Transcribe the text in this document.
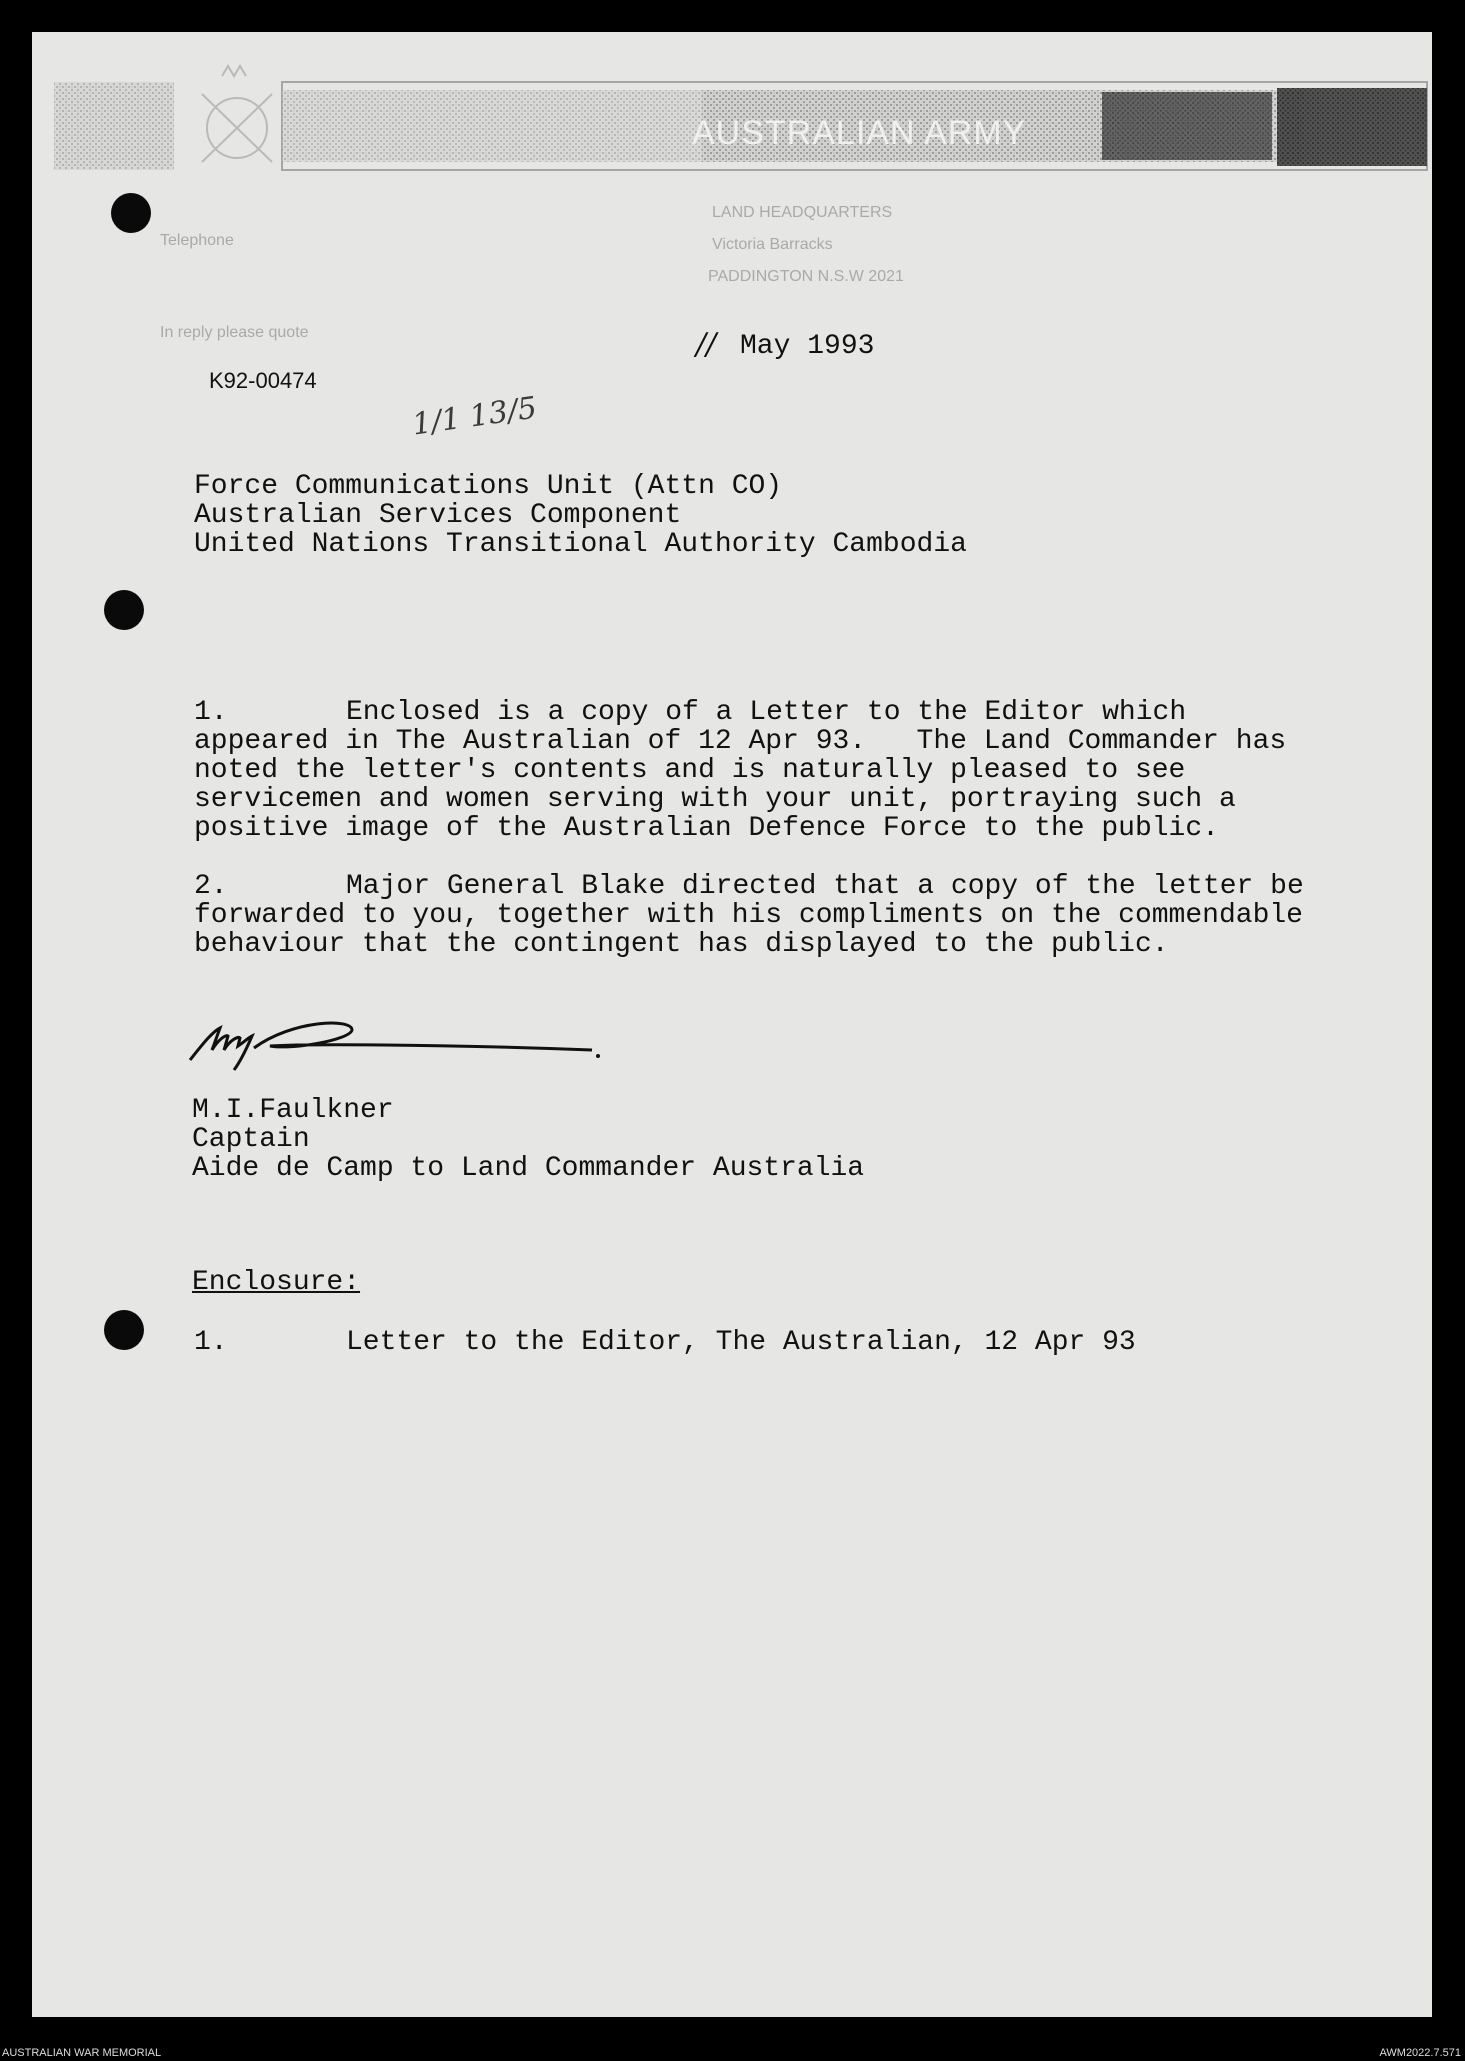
AUSTRALIAN ARMY
LAND HEADQUARTERS
Telephone	Victoria Barracks
PADDINGTON N.S.W 2021
In reply please quote	// May 1993
K92-00474
1/1 13/5
Force Communications Unit (Attn CO)
Australian Services Component
United Nations Transitional Authority Cambodia
1.	Enclosed is a copy of a Letter to the Editor which
appeared in The Australian of 12 Apr 93.   The Land Commander has
noted the letter's contents and is naturally pleased to see
servicemen and women serving with your unit, portraying such a
positive image of the Australian Defence Force to the public.
2.	Major General Blake directed that a copy of the letter be
forwarded to you, together with his compliments on the commendable
behaviour that the contingent has displayed to the public.
M.I.Faulkner
Captain
Aide de Camp to Land Commander Australia
Enclosure:
1.	Letter to the Editor, The Australian, 12 Apr 93
AUSTRALIAN WAR MEMORIAL	AWM2022.7.571
